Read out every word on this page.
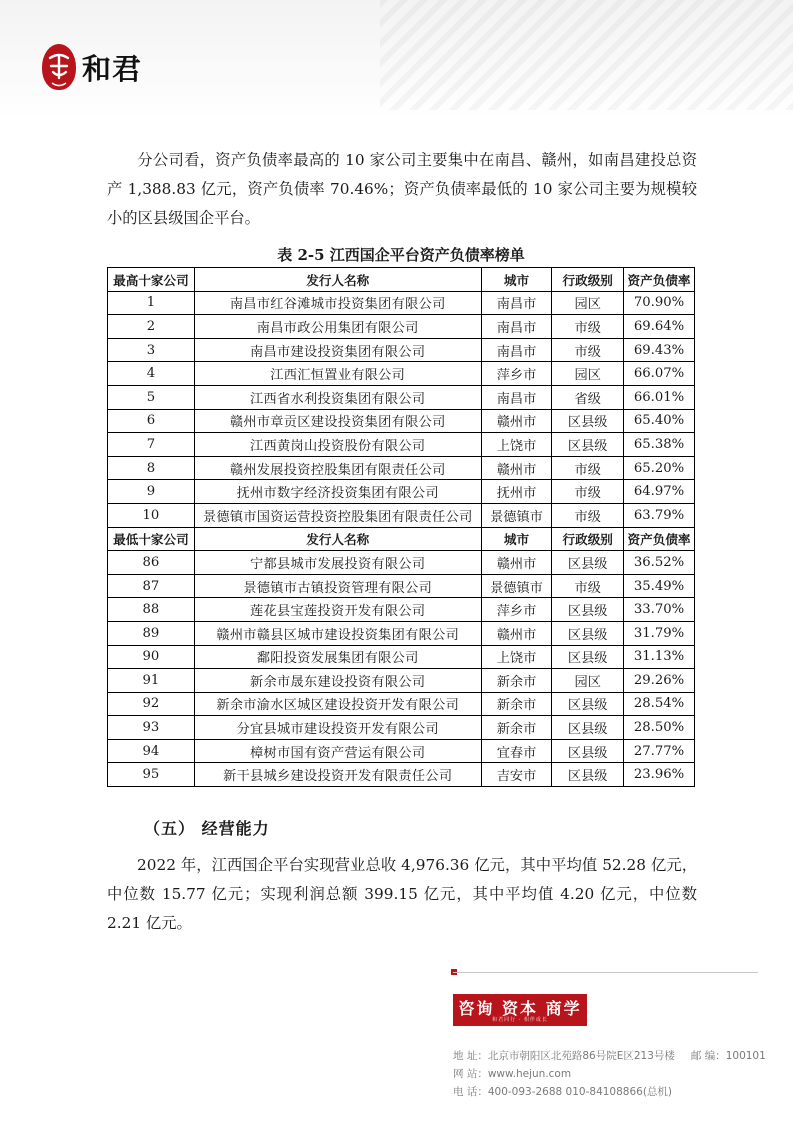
和君
分公司看，资产负债率最高的 10 家公司主要集中在南昌、赣州，如南昌建投总资产 1,388.83 亿元，资产负债率 70.46%；资产负债率最低的 10 家公司主要为规模较小的区县级国企平台。
表 2-5 江西国企平台资产负债率榜单
最高十家公司	发行人名称	城市	行政级别	资产负债率
1	南昌市红谷滩城市投资集团有限公司	南昌市	园区	70.90%
2	南昌市政公用集团有限公司	南昌市	市级	69.64%
3	南昌市建设投资集团有限公司	南昌市	市级	69.43%
4	江西汇恒置业有限公司	萍乡市	园区	66.07%
5	江西省水利投资集团有限公司	南昌市	省级	66.01%
6	赣州市章贡区建设投资集团有限公司	赣州市	区县级	65.40%
7	江西黄岗山投资股份有限公司	上饶市	区县级	65.38%
8	赣州发展投资控股集团有限责任公司	赣州市	市级	65.20%
9	抚州市数字经济投资集团有限公司	抚州市	市级	64.97%
10	景德镇市国资运营投资控股集团有限责任公司	景德镇市	市级	63.79%
最低十家公司	发行人名称	城市	行政级别	资产负债率
86	宁都县城市发展投资有限公司	赣州市	区县级	36.52%
87	景德镇市古镇投资管理有限公司	景德镇市	市级	35.49%
88	莲花县宝莲投资开发有限公司	萍乡市	区县级	33.70%
89	赣州市赣县区城市建设投资集团有限公司	赣州市	区县级	31.79%
90	鄱阳投资发展集团有限公司	上饶市	区县级	31.13%
91	新余市晟东建设投资有限公司	新余市	园区	29.26%
92	新余市渝水区城区建设投资开发有限公司	新余市	区县级	28.54%
93	分宜县城市建设投资开发有限公司	新余市	区县级	28.50%
94	樟树市国有资产营运有限公司	宜春市	区县级	27.77%
95	新干县城乡建设投资开发有限责任公司	吉安市	区县级	23.96%
（五） 经营能力
2022 年，江西国企平台实现营业总收 4,976.36 亿元，其中平均值 52.28 亿元，中位数 15.77 亿元；实现利润总额 399.15 亿元，其中平均值 4.20 亿元，中位数 2.21 亿元。
咨询 资本 商学
和君同行 · 相伴成长
地 址：北京市朝阳区北苑路86号院E区213号楼 邮 编：100101
网 站：www.hejun.com
电 话：400-093-2688 010-84108866(总机)
